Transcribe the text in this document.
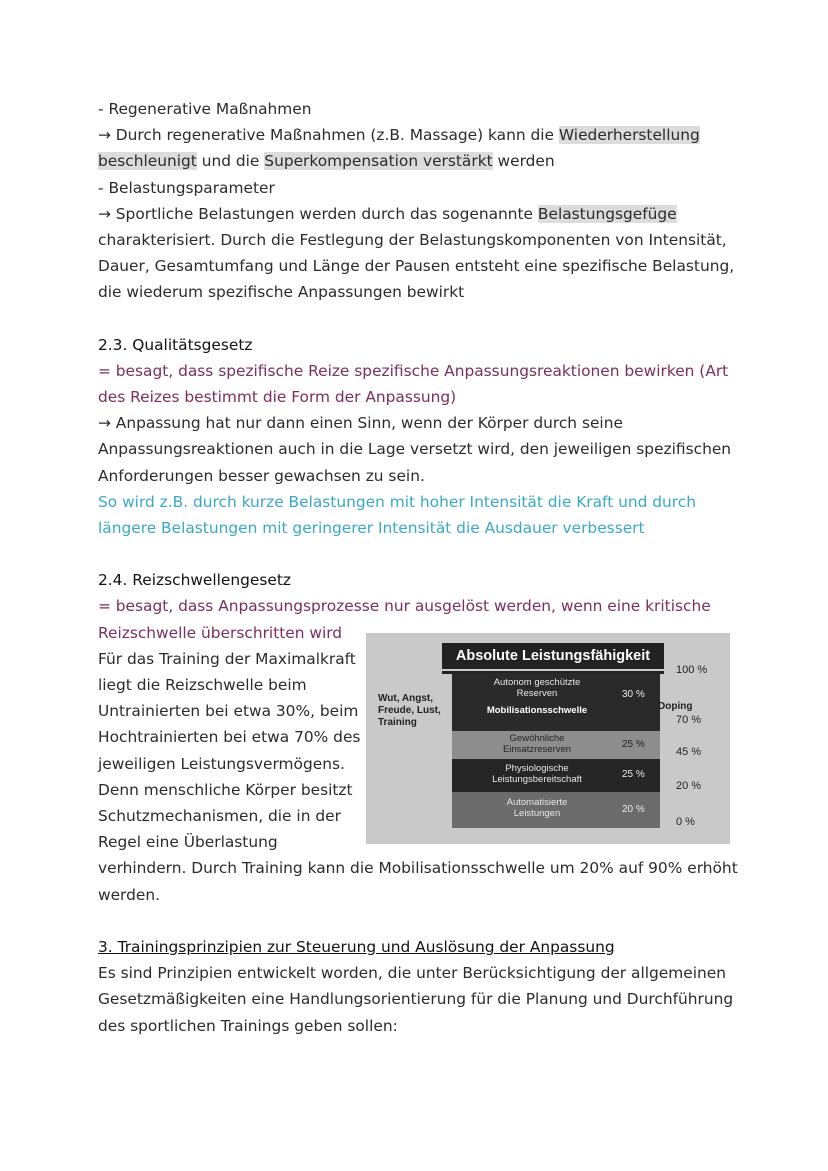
- Regenerative Maßnahmen
→ Durch regenerative Maßnahmen (z.B. Massage) kann die Wiederherstellung
beschleunigt und die Superkompensation verstärkt werden
- Belastungsparameter
→ Sportliche Belastungen werden durch das sogenannte Belastungsgefüge
charakterisiert. Durch die Festlegung der Belastungskomponenten von Intensität,
Dauer, Gesamtumfang und Länge der Pausen entsteht eine spezifische Belastung,
die wiederum spezifische Anpassungen bewirkt
2.3. Qualitätsgesetz
= besagt, dass spezifische Reize spezifische Anpassungsreaktionen bewirken (Art
des Reizes bestimmt die Form der Anpassung)
→ Anpassung hat nur dann einen Sinn, wenn der Körper durch seine
Anpassungsreaktionen auch in die Lage versetzt wird, den jeweiligen spezifischen
Anforderungen besser gewachsen zu sein.
So wird z.B. durch kurze Belastungen mit hoher Intensität die Kraft und durch
längere Belastungen mit geringerer Intensität die Ausdauer verbessert
2.4. Reizschwellengesetz
= besagt, dass Anpassungsprozesse nur ausgelöst werden, wenn eine kritische
Reizschwelle überschritten wird
Für das Training der Maximalkraft
liegt die Reizschwelle beim
Untrainierten bei etwa 30%, beim
Hochtrainierten bei etwa 70% des
jeweiligen Leistungsvermögens.
Denn menschliche Körper besitzt
Schutzmechanismen, die in der
Regel eine Überlastung
verhindern. Durch Training kann die Mobilisationsschwelle um 20% auf 90% erhöht
werden.
3. Trainingsprinzipien zur Steuerung und Auslösung der Anpassung
Es sind Prinzipien entwickelt worden, die unter Berücksichtigung der allgemeinen
Gesetzmäßigkeiten eine Handlungsorientierung für die Planung und Durchführung
des sportlichen Trainings geben sollen:
Absolute Leistungsfähigkeit
Autonom geschützte
Reserven
Mobilisationsschwelle
30 %
Gewöhnliche
Einsatzreserven	25 %
Physiologische
Leistungsbereitschaft	25 %
Automatisierte
Leistungen	20 %
Wut, Angst,
Freude, Lust,
Training
Doping
100 %
70 %
45 %
20 %
0 %
